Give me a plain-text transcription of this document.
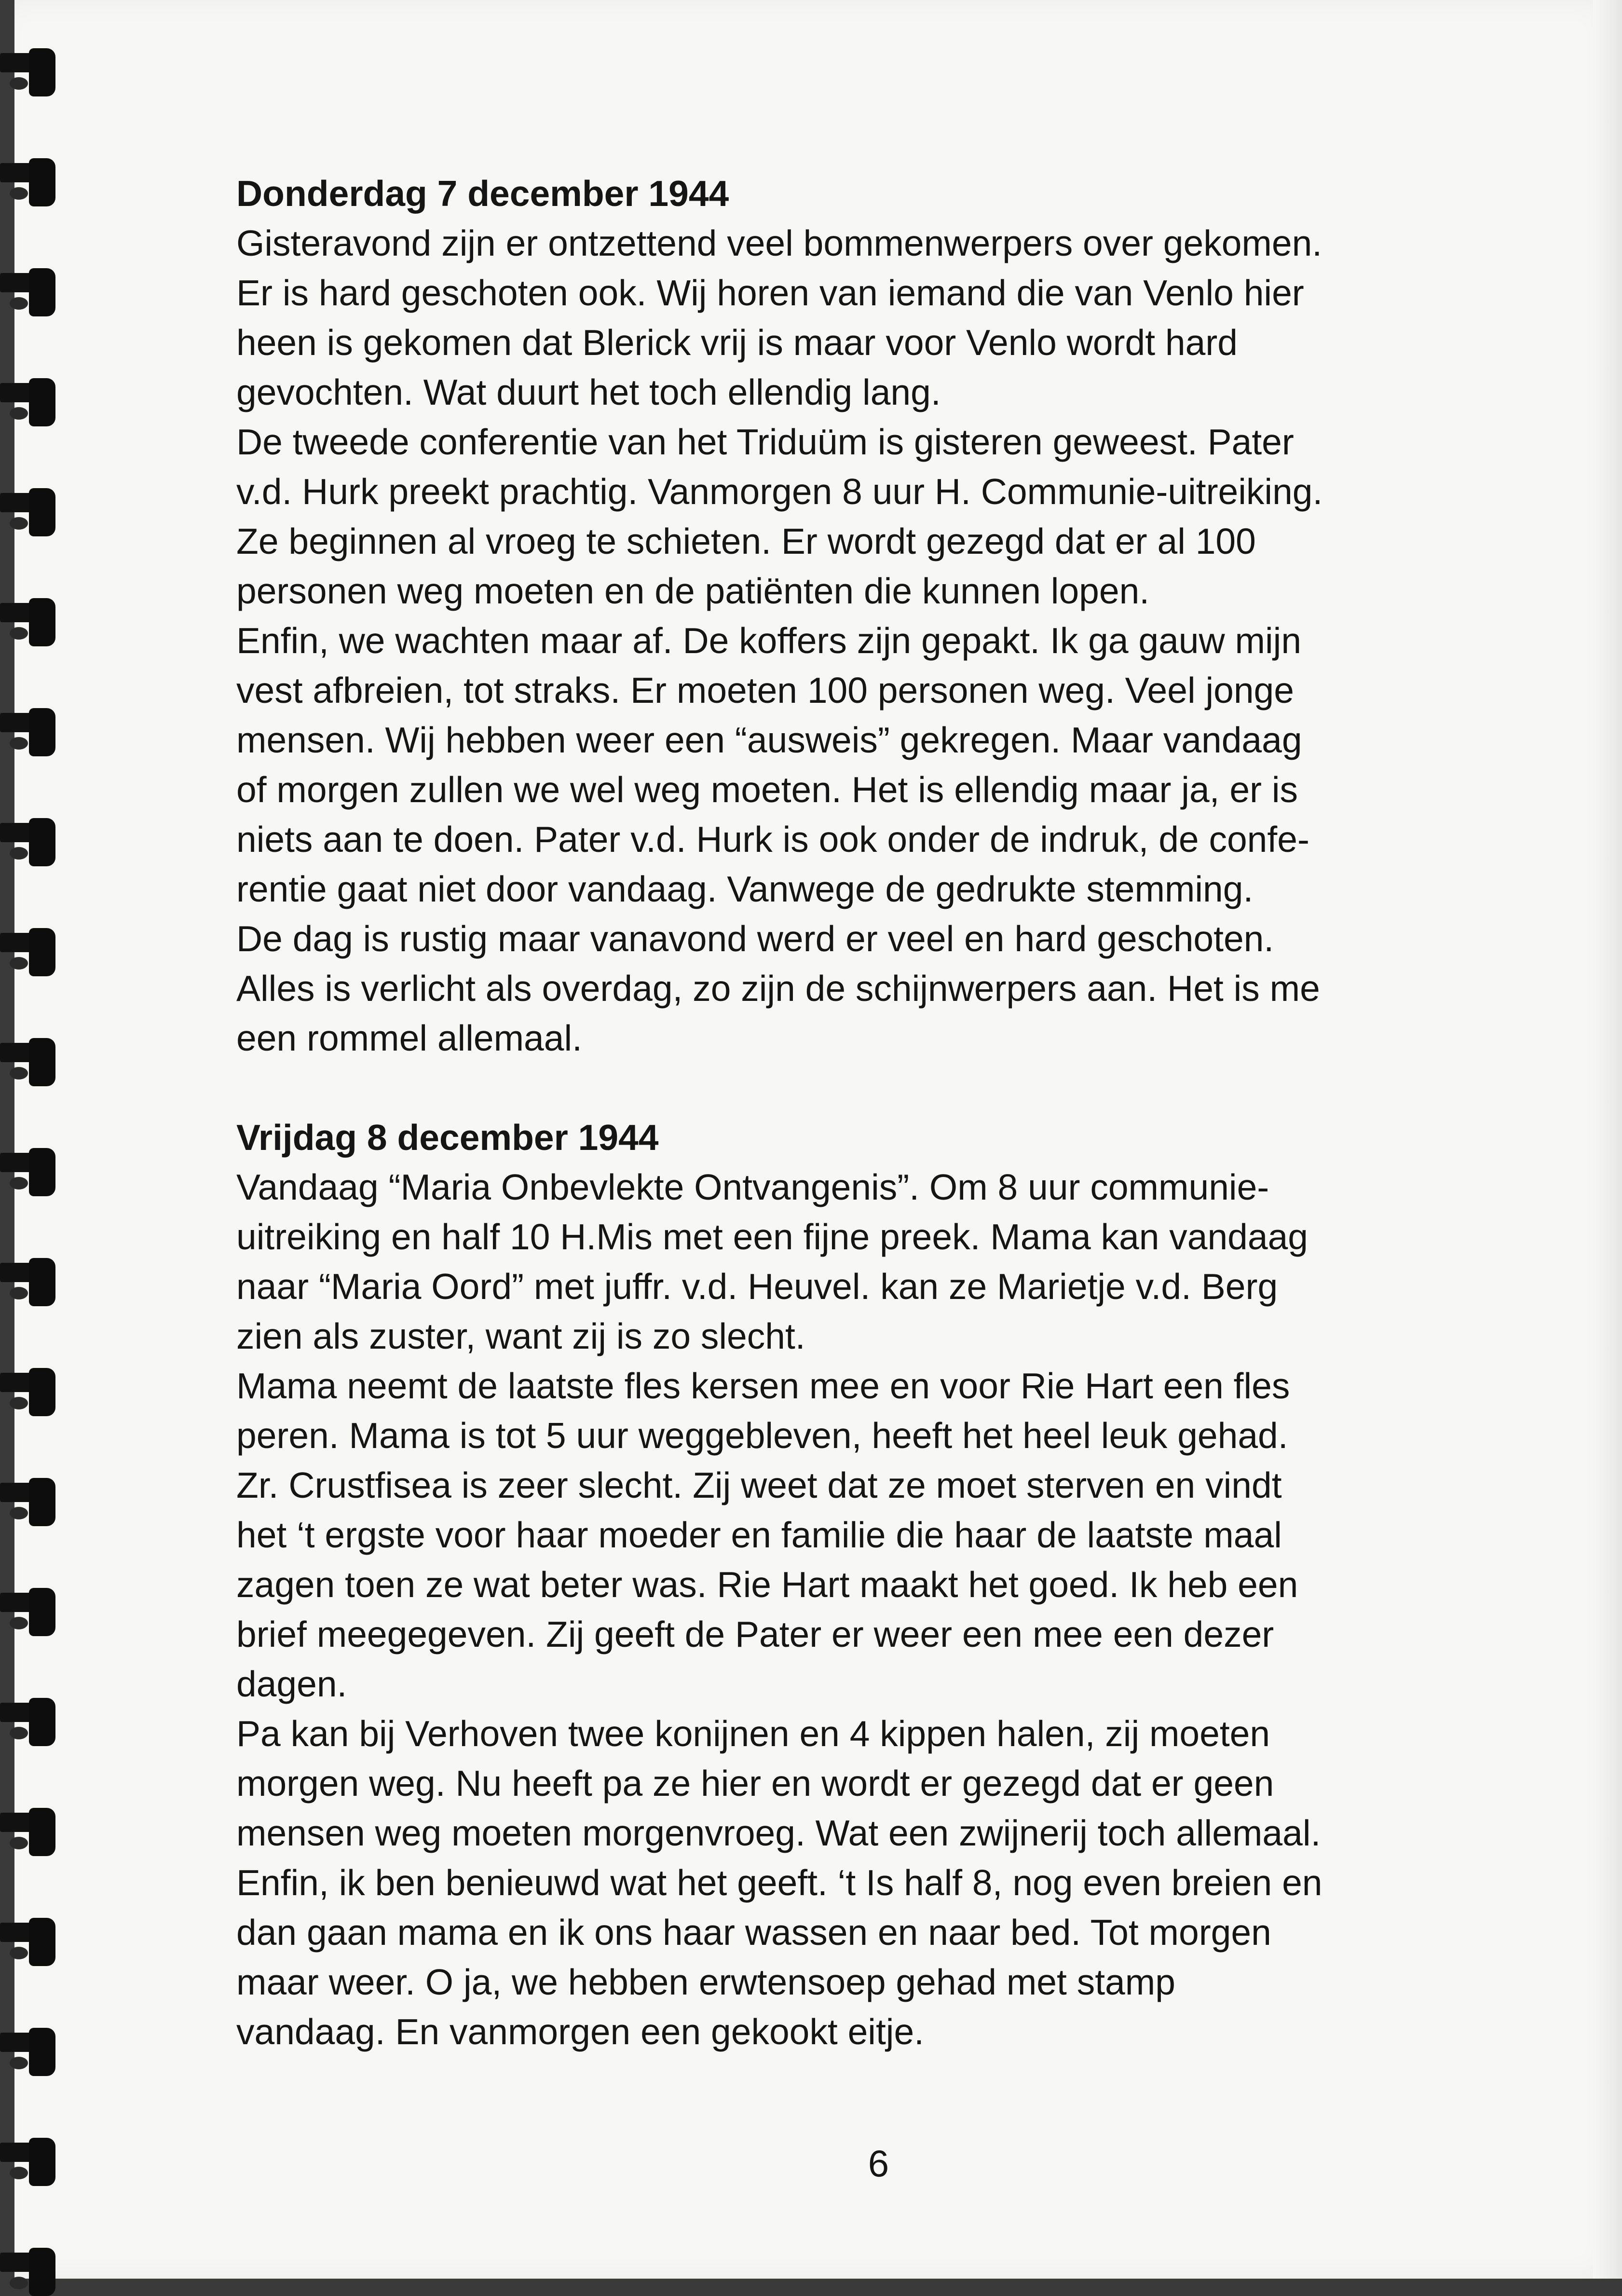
Donderdag 7 december 1944
Gisteravond zijn er ontzettend veel bommenwerpers over gekomen.
Er is hard geschoten ook. Wij horen van iemand die van Venlo hier
heen is gekomen dat Blerick vrij is maar voor Venlo wordt hard
gevochten. Wat duurt het toch ellendig lang.
De tweede conferentie van het Triduüm is gisteren geweest. Pater
v.d. Hurk preekt prachtig. Vanmorgen 8 uur H. Communie-uitreiking.
Ze beginnen al vroeg te schieten. Er wordt gezegd dat er al 100
personen weg moeten en de patiënten die kunnen lopen.
Enfin, we wachten maar af. De koffers zijn gepakt. Ik ga gauw mijn
vest afbreien, tot straks. Er moeten 100 personen weg. Veel jonge
mensen. Wij hebben weer een “ausweis” gekregen. Maar vandaag
of morgen zullen we wel weg moeten. Het is ellendig maar ja, er is
niets aan te doen. Pater v.d. Hurk is ook onder de indruk, de confe-
rentie gaat niet door vandaag. Vanwege de gedrukte stemming.
De dag is rustig maar vanavond werd er veel en hard geschoten.
Alles is verlicht als overdag, zo zijn de schijnwerpers aan. Het is me
een rommel allemaal.
Vrijdag 8 december 1944
Vandaag “Maria Onbevlekte Ontvangenis”. Om 8 uur communie-
uitreiking en half 10 H.Mis met een fijne preek. Mama kan vandaag
naar “Maria Oord” met juffr. v.d. Heuvel. kan ze Marietje v.d. Berg
zien als zuster, want zij is zo slecht.
Mama neemt de laatste fles kersen mee en voor Rie Hart een fles
peren. Mama is tot 5 uur weggebleven, heeft het heel leuk gehad.
Zr. Crustfisea is zeer slecht. Zij weet dat ze moet sterven en vindt
het ‘t ergste voor haar moeder en familie die haar de laatste maal
zagen toen ze wat beter was. Rie Hart maakt het goed. Ik heb een
brief meegegeven. Zij geeft de Pater er weer een mee een dezer
dagen.
Pa kan bij Verhoven twee konijnen en 4 kippen halen, zij moeten
morgen weg. Nu heeft pa ze hier en wordt er gezegd dat er geen
mensen weg moeten morgenvroeg. Wat een zwijnerij toch allemaal.
Enfin, ik ben benieuwd wat het geeft. ‘t Is half 8, nog even breien en
dan gaan mama en ik ons haar wassen en naar bed. Tot morgen
maar weer. O ja, we hebben erwtensoep gehad met stamp
vandaag. En vanmorgen een gekookt eitje.
6
